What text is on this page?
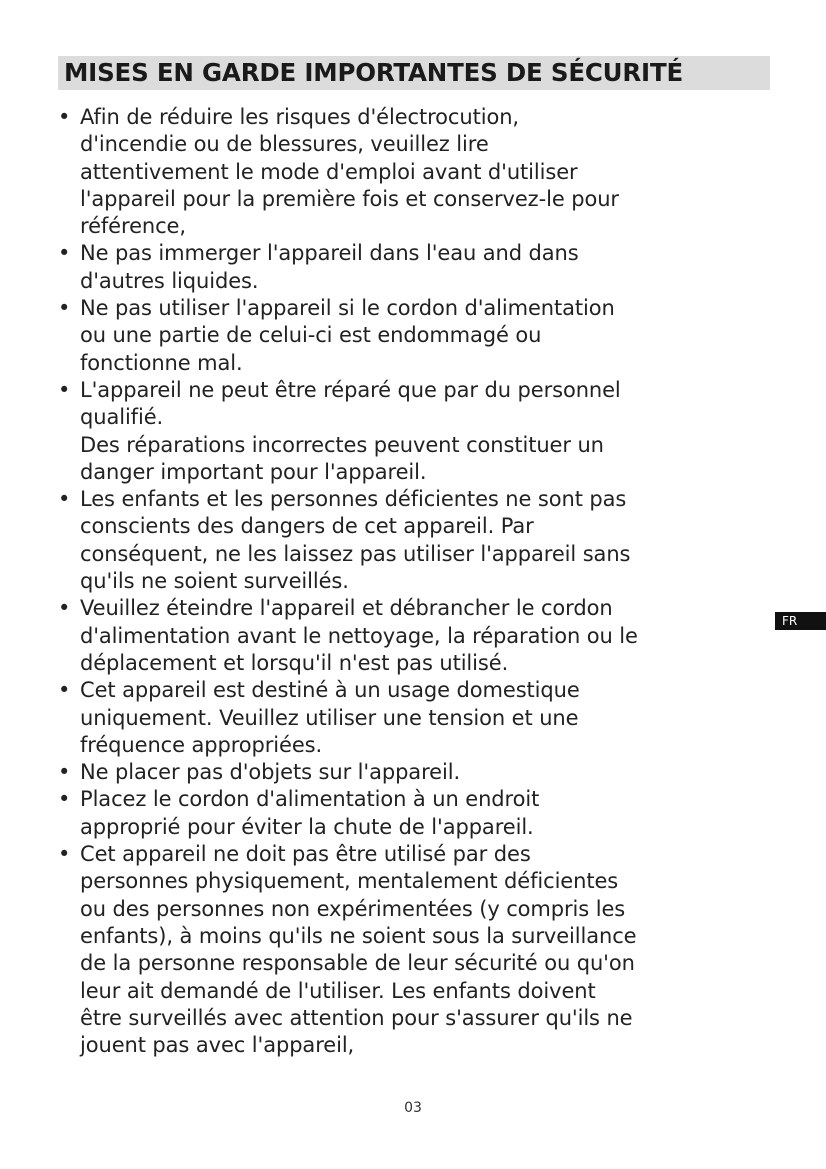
MISES EN GARDE IMPORTANTES DE SÉCURITÉ
• Afin de réduire les risques d'électrocution,
d'incendie ou de blessures, veuillez lire
attentivement le mode d'emploi avant d'utiliser
l'appareil pour la première fois et conservez-le pour
référence,
• Ne pas immerger l'appareil dans l'eau and dans
d'autres liquides.
• Ne pas utiliser l'appareil si le cordon d'alimentation
ou une partie de celui-ci est endommagé ou
fonctionne mal.
• L'appareil ne peut être réparé que par du personnel
qualifié.
Des réparations incorrectes peuvent constituer un
danger important pour l'appareil.
• Les enfants et les personnes déficientes ne sont pas
conscients des dangers de cet appareil. Par
conséquent, ne les laissez pas utiliser l'appareil sans
qu'ils ne soient surveillés.
• Veuillez éteindre l'appareil et débrancher le cordon
d'alimentation avant le nettoyage, la réparation ou le
déplacement et lorsqu'il n'est pas utilisé.
• Cet appareil est destiné à un usage domestique
uniquement. Veuillez utiliser une tension et une
fréquence appropriées.
• Ne placer pas d'objets sur l'appareil.
• Placez le cordon d'alimentation à un endroit
approprié pour éviter la chute de l'appareil.
• Cet appareil ne doit pas être utilisé par des
personnes physiquement, mentalement déficientes
ou des personnes non expérimentées (y compris les
enfants), à moins qu'ils ne soient sous la surveillance
de la personne responsable de leur sécurité ou qu'on
leur ait demandé de l'utiliser. Les enfants doivent
être surveillés avec attention pour s'assurer qu'ils ne
jouent pas avec l'appareil,
FR
03
